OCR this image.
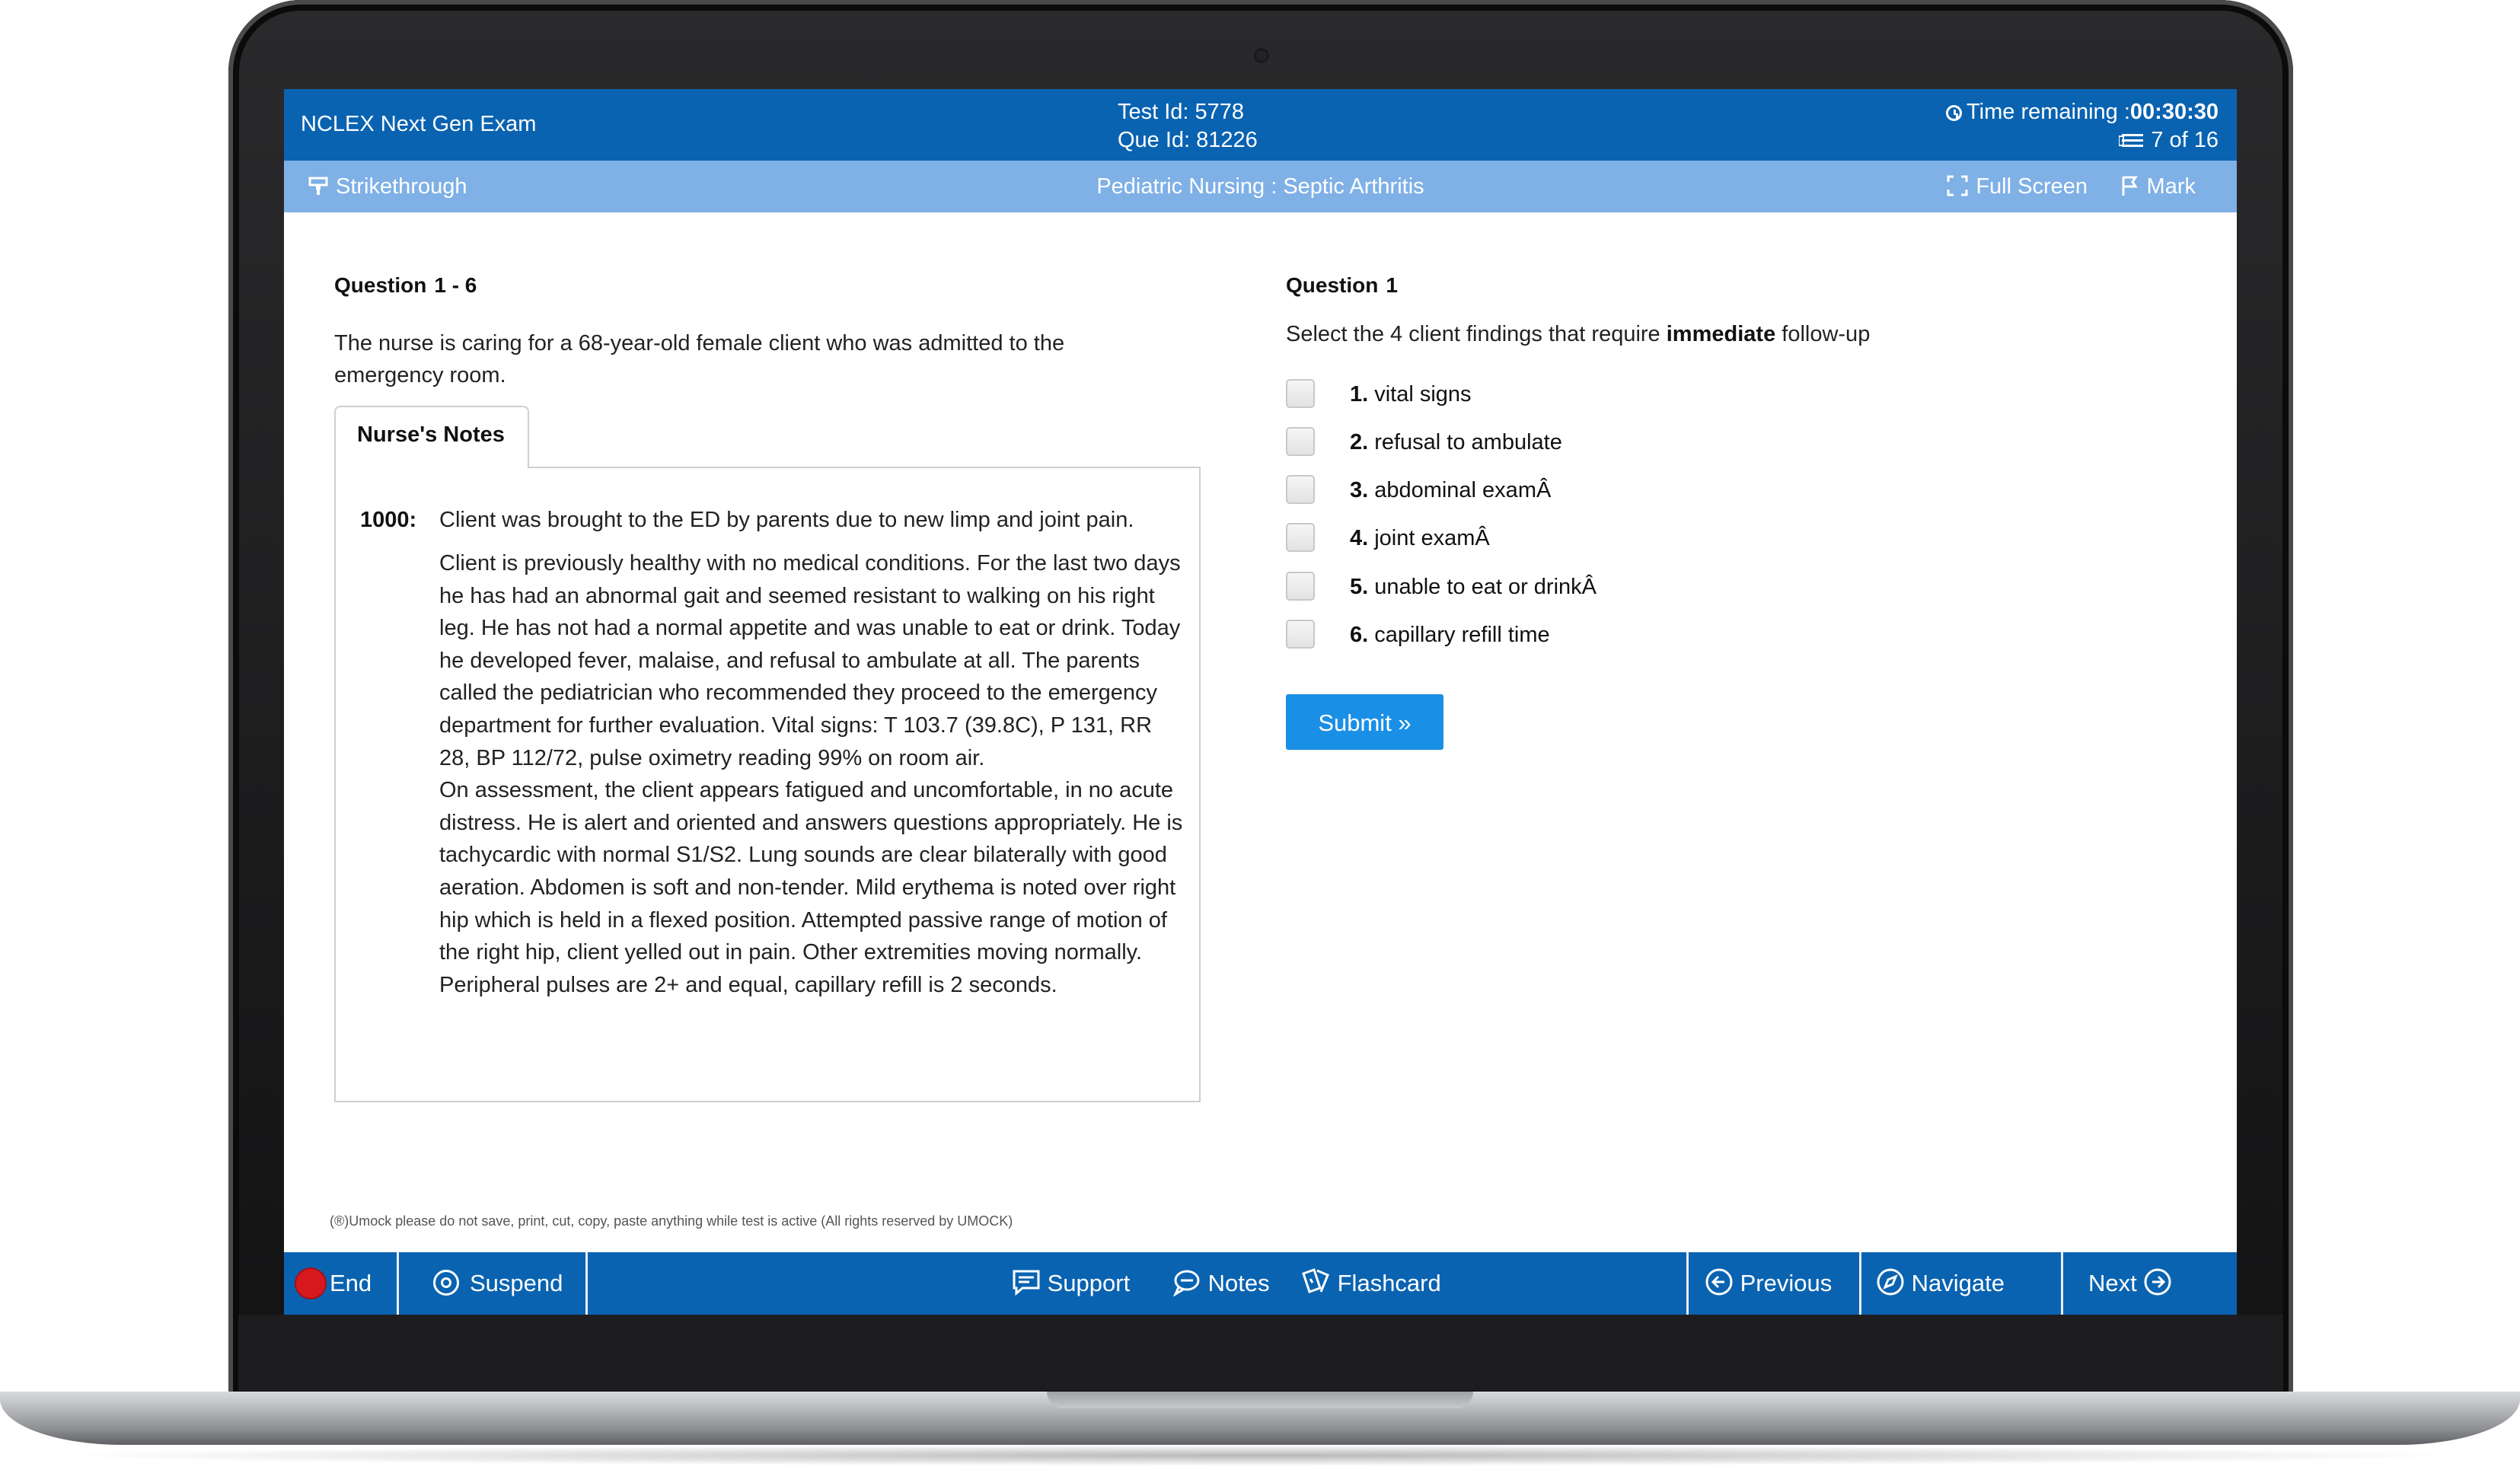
NCLEX Next Gen Exam	Test Id: 5778
Que Id: 81226
Time remaining :00:30:30
7 of 16
Strikethrough	Pediatric Nursing : Septic Arthritis	Full Screen	Mark
Question 1 - 6
The nurse is caring for a 68-year-old female client who was admitted to the emergency room.
Nurse's Notes
1000: Client was brought to the ED by parents due to new limp and joint pain.

Client is previously healthy with no medical conditions. For the last two days he has had an abnormal gait and seemed resistant to walking on his right leg. He has not had a normal appetite and was unable to eat or drink. Today he developed fever, malaise, and refusal to ambulate at all. The parents called the pediatrician who recommended they proceed to the emergency department for further evaluation. Vital signs: T 103.7 (39.8C), P 131, RR 28, BP 112/72, pulse oximetry reading 99% on room air.

On assessment, the client appears fatigued and uncomfortable, in no acute distress. He is alert and oriented and answers questions appropriately. He is tachycardic with normal S1/S2. Lung sounds are clear bilaterally with good aeration. Abdomen is soft and non-tender. Mild erythema is noted over right hip which is held in a flexed position. Attempted passive range of motion of the right hip, client yelled out in pain. Other extremities moving normally. Peripheral pulses are 2+ and equal, capillary refill is 2 seconds.

Question 1
Select the 4 client findings that require immediate follow-up
1. vital signs
2. refusal to ambulate
3. abdominal examÂ
4. joint examÂ
5. unable to eat or drinkÂ
6. capillary refill time
Submit »
(®)Umock please do not save, print, cut, copy, paste anything while test is active (All rights reserved by UMOCK)
End	Suspend	Support	Notes	Flashcard	Previous	Navigate	Next
